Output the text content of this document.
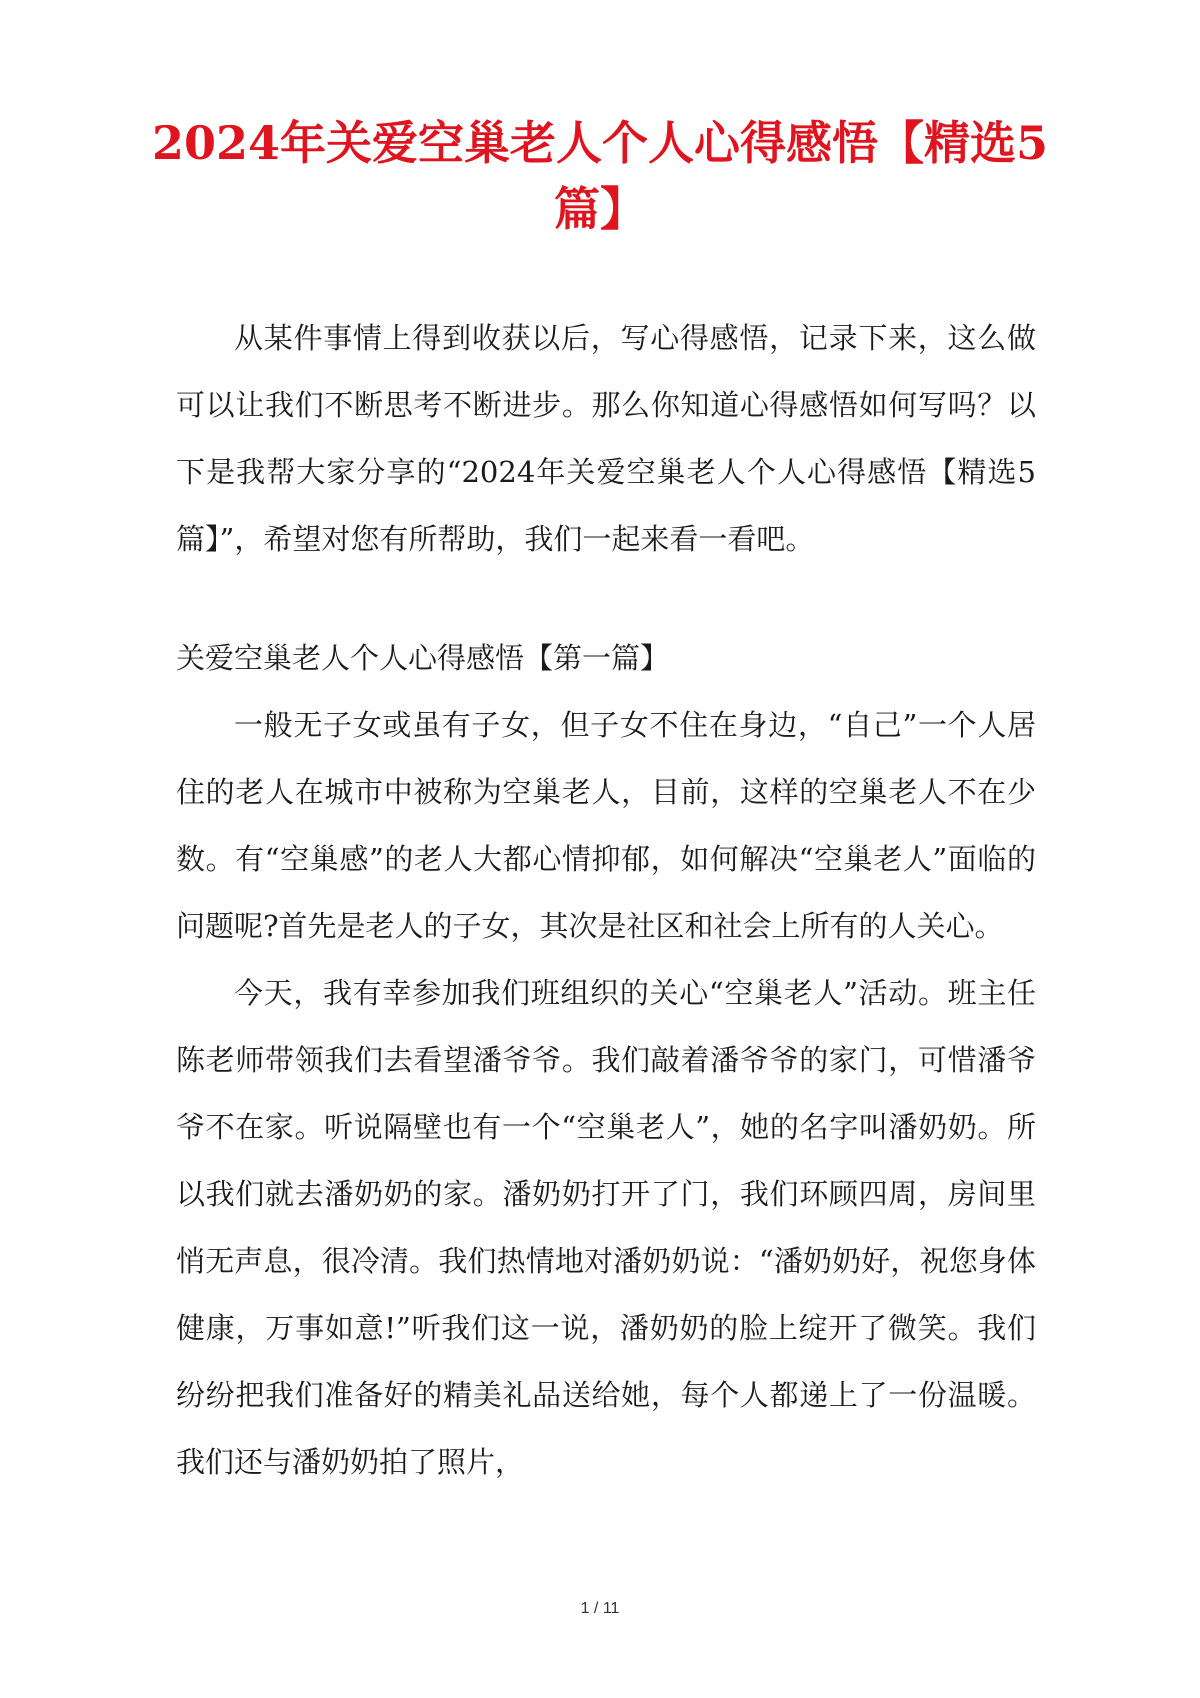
2024年关爱空巢老人个人心得感悟【精选5篇】

从某件事情上得到收获以后，写心得感悟，记录下来，这么做可以让我们不断思考不断进步。那么你知道心得感悟如何写吗？以下是我帮大家分享的“2024年关爱空巢老人个人心得感悟【精选5篇】”，希望对您有所帮助，我们一起来看一看吧。

关爱空巢老人个人心得感悟【第一篇】

一般无子女或虽有子女，但子女不住在身边，“自己”一个人居住的老人在城市中被称为空巢老人，目前，这样的空巢老人不在少数。有“空巢感”的老人大都心情抑郁，如何解决“空巢老人”面临的问题呢?首先是老人的子女，其次是社区和社会上所有的人关心。

今天，我有幸参加我们班组织的关心“空巢老人”活动。班主任陈老师带领我们去看望潘爷爷。我们敲着潘爷爷的家门，可惜潘爷爷不在家。听说隔壁也有一个“空巢老人”，她的名字叫潘奶奶。所以我们就去潘奶奶的家。潘奶奶打开了门，我们环顾四周，房间里悄无声息，很冷清。我们热情地对潘奶奶说：“潘奶奶好，祝您身体健康，万事如意!”听我们这一说，潘奶奶的脸上绽开了微笑。我们纷纷把我们准备好的精美礼品送给她，每个人都递上了一份温暖。我们还与潘奶奶拍了照片，

1 / 11
